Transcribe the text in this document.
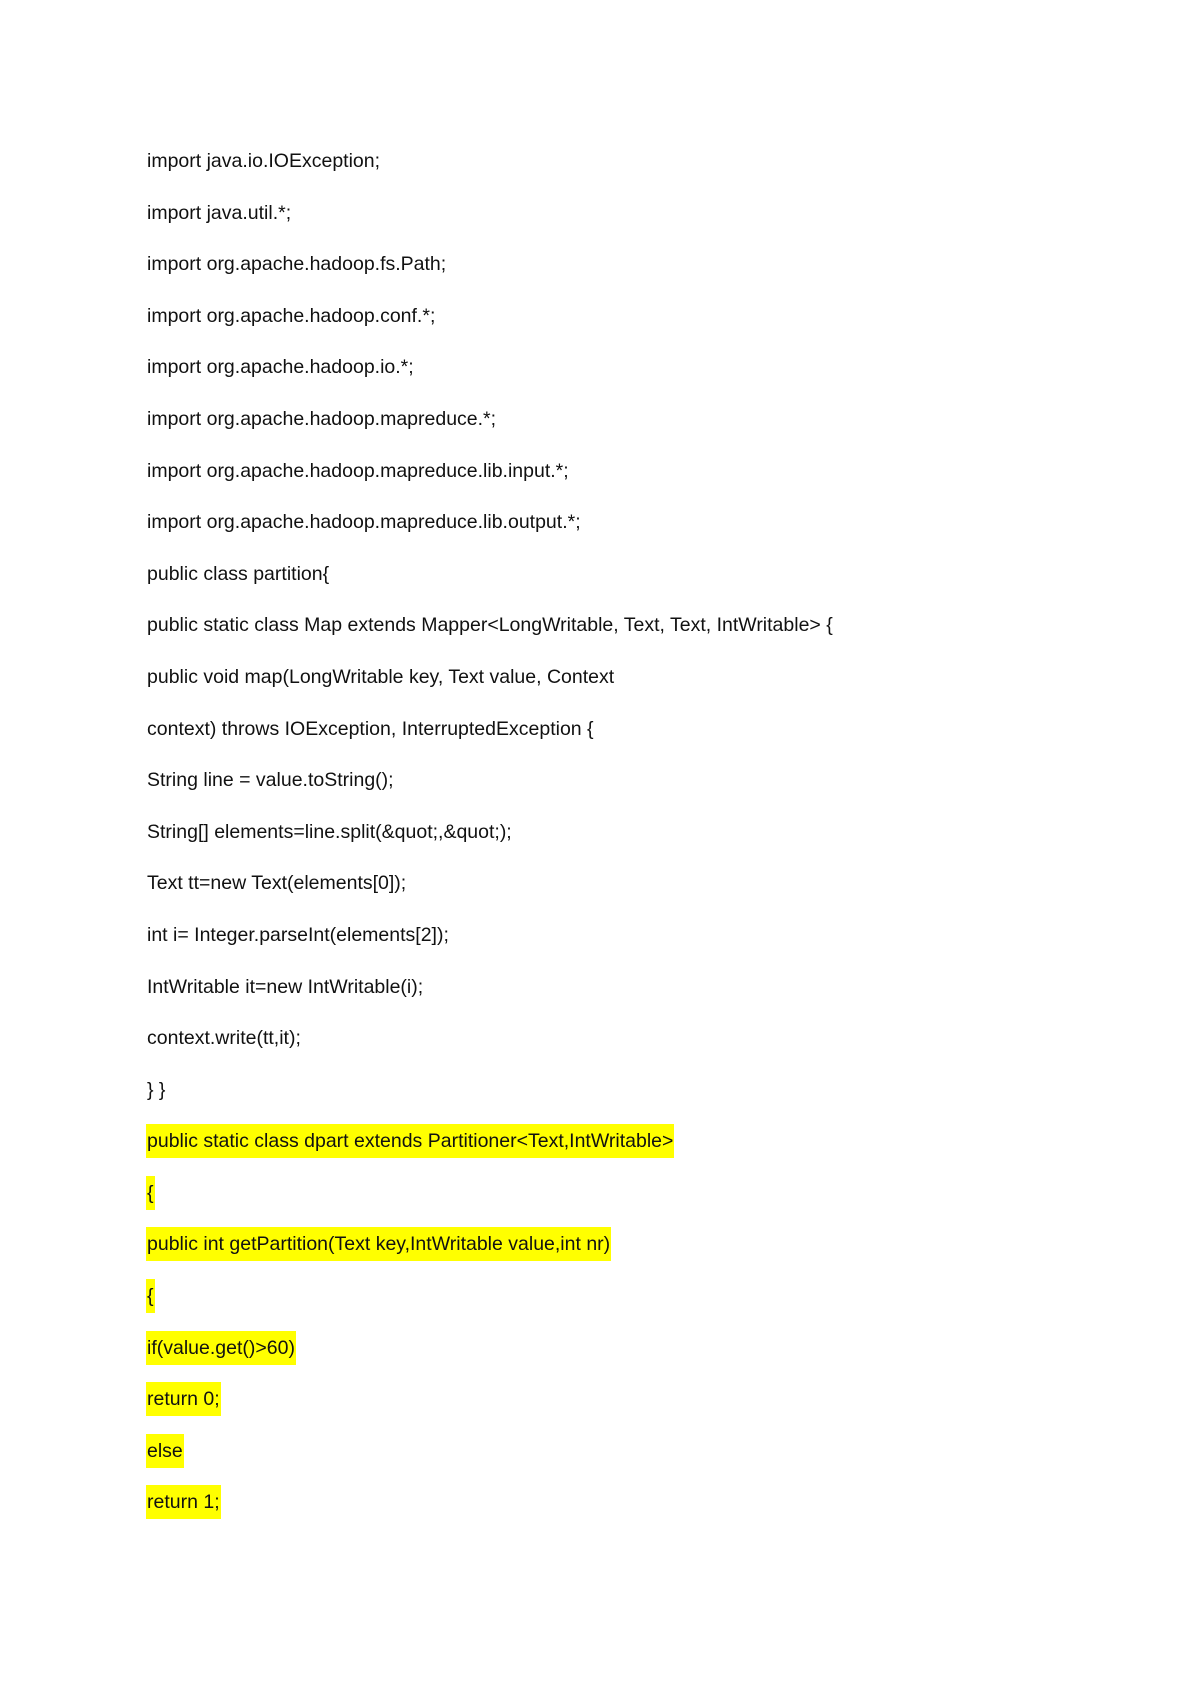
import java.io.IOException;
import java.util.*;
import org.apache.hadoop.fs.Path;
import org.apache.hadoop.conf.*;
import org.apache.hadoop.io.*;
import org.apache.hadoop.mapreduce.*;
import org.apache.hadoop.mapreduce.lib.input.*;
import org.apache.hadoop.mapreduce.lib.output.*;
public class partition{
public static class Map extends Mapper<LongWritable, Text, Text, IntWritable> {
public void map(LongWritable key, Text value, Context
context) throws IOException, InterruptedException {
String line = value.toString();
String[] elements=line.split(&quot;,&quot;);
Text tt=new Text(elements[0]);
int i= Integer.parseInt(elements[2]);
IntWritable it=new IntWritable(i);
context.write(tt,it);
} }
public static class dpart extends Partitioner<Text,IntWritable>
{
public int getPartition(Text key,IntWritable value,int nr)
{
if(value.get()>60)
return 0;
else
return 1;
